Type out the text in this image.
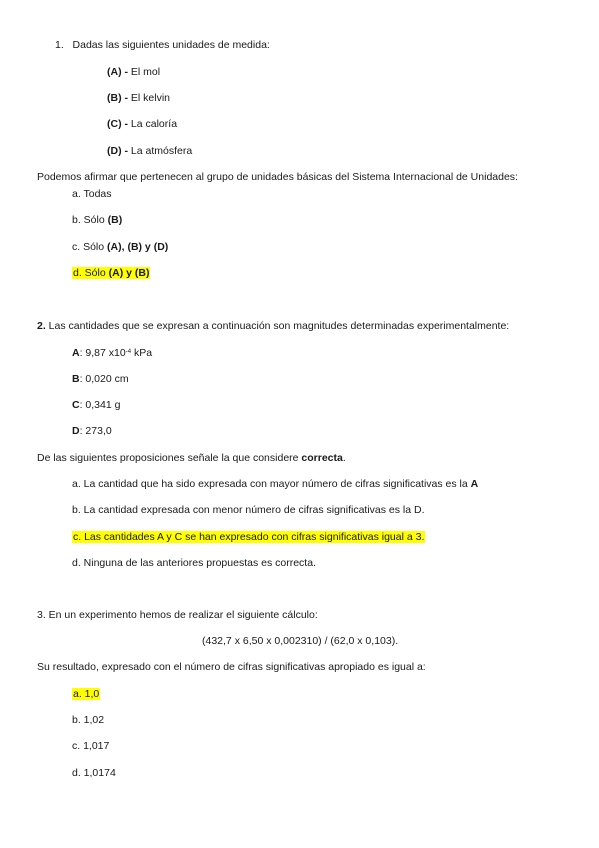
1. Dadas las siguientes unidades de medida:
(A) - El mol
(B) - El kelvin
(C) - La caloría
(D) - La atmósfera
Podemos afirmar que pertenecen al grupo de unidades básicas del Sistema Internacional de Unidades:
a. Todas
b. Sólo (B)
c. Sólo (A), (B) y (D)
d. Sólo (A) y (B)
2. Las cantidades que se expresan a continuación son magnitudes determinadas experimentalmente:
A: 9,87 $x10^{-4}$ kPa
B: 0,020 cm
C: 0,341 g
D: 273,0
De las siguientes proposiciones señale la que considere correcta.
a. La cantidad que ha sido expresada con mayor número de cifras significativas es la A
b. La cantidad expresada con menor número de cifras significativas es la D.
c. Las cantidades A y C se han expresado con cifras significativas igual a 3.
d. Ninguna de las anteriores propuestas es correcta.
3. En un experimento hemos de realizar el siguiente cálculo:
(432,7 x 6,50 x 0,002310) / (62,0 x 0,103).
Su resultado, expresado con el número de cifras significativas apropiado es igual a:
a. 1,0
b. 1,02
c. 1,017
d. 1,0174
